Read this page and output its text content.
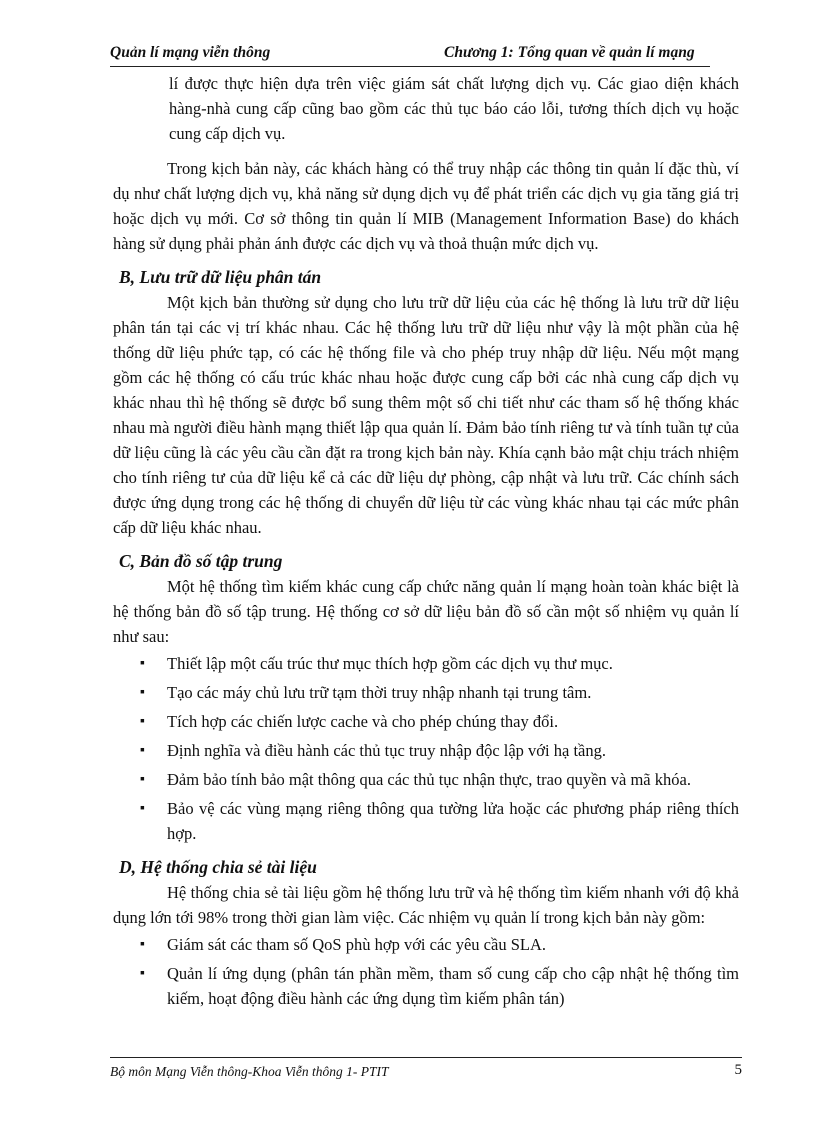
Quản lí mạng viễn thông	Chương 1: Tổng quan về quản lí mạng

lí được thực hiện dựa trên việc giám sát chất lượng dịch vụ. Các giao diện khách hàng-nhà cung cấp cũng bao gồm các thủ tục báo cáo lỗi, tương thích dịch vụ hoặc cung cấp dịch vụ.

Trong kịch bản này, các khách hàng có thể truy nhập các thông tin quản lí đặc thù, ví dụ như chất lượng dịch vụ, khả năng sử dụng dịch vụ để phát triển các dịch vụ gia tăng giá trị hoặc dịch vụ mới. Cơ sở thông tin quản lí MIB (Management Information Base) do khách hàng sử dụng phải phản ánh được các dịch vụ và thoả thuận mức dịch vụ.

B, Lưu trữ dữ liệu phân tán

Một kịch bản thường sử dụng cho lưu trữ dữ liệu của các hệ thống là lưu trữ dữ liệu phân tán tại các vị trí khác nhau. Các hệ thống lưu trữ dữ liệu như vậy là một phần của hệ thống dữ liệu phức tạp, có các hệ thống file và cho phép truy nhập dữ liệu. Nếu một mạng gồm các hệ thống có cấu trúc khác nhau hoặc được cung cấp bởi các nhà cung cấp dịch vụ khác nhau thì hệ thống sẽ được bổ sung thêm một số chi tiết như các tham số hệ thống khác nhau mà người điều hành mạng thiết lập qua quản lí. Đảm bảo tính riêng tư và tính tuần tự của dữ liệu cũng là các yêu cầu cần đặt ra trong kịch bản này. Khía cạnh bảo mật chịu trách nhiệm cho tính riêng tư của dữ liệu kể cả các dữ liệu dự phòng, cập nhật và lưu trữ. Các chính sách được ứng dụng trong các hệ thống di chuyển dữ liệu từ các vùng khác nhau tại các mức phân cấp dữ liệu khác nhau.

C, Bản đồ số tập trung

Một hệ thống tìm kiếm khác cung cấp chức năng quản lí mạng hoàn toàn khác biệt là hệ thống bản đồ số tập trung. Hệ thống cơ sở dữ liệu bản đồ số cần một số nhiệm vụ quản lí như sau:

▪ Thiết lập một cấu trúc thư mục thích hợp gồm các dịch vụ thư mục.
▪ Tạo các máy chủ lưu trữ tạm thời truy nhập nhanh tại trung tâm.
▪ Tích hợp các chiến lược cache và cho phép chúng thay đổi.
▪ Định nghĩa và điều hành các thủ tục truy nhập độc lập với hạ tầng.
▪ Đảm bảo tính bảo mật thông qua các thủ tục nhận thực, trao quyền và mã khóa.
▪ Bảo vệ các vùng mạng riêng thông qua tường lửa hoặc các phương pháp riêng thích hợp.
D, Hệ thống chia sẻ tài liệu

Hệ thống chia sẻ tài liệu gồm hệ thống lưu trữ và hệ thống tìm kiếm nhanh với độ khả dụng lớn tới 98% trong thời gian làm việc. Các nhiệm vụ quản lí trong kịch bản này gồm:

▪ Giám sát các tham số QoS phù hợp với các yêu cầu SLA.
▪ Quản lí ứng dụng (phân tán phần mềm, tham số cung cấp cho cập nhật hệ thống tìm kiếm, hoạt động điều hành các ứng dụng tìm kiếm phân tán)
Bộ môn Mạng Viễn thông-Khoa Viễn thông 1- PTIT	5
